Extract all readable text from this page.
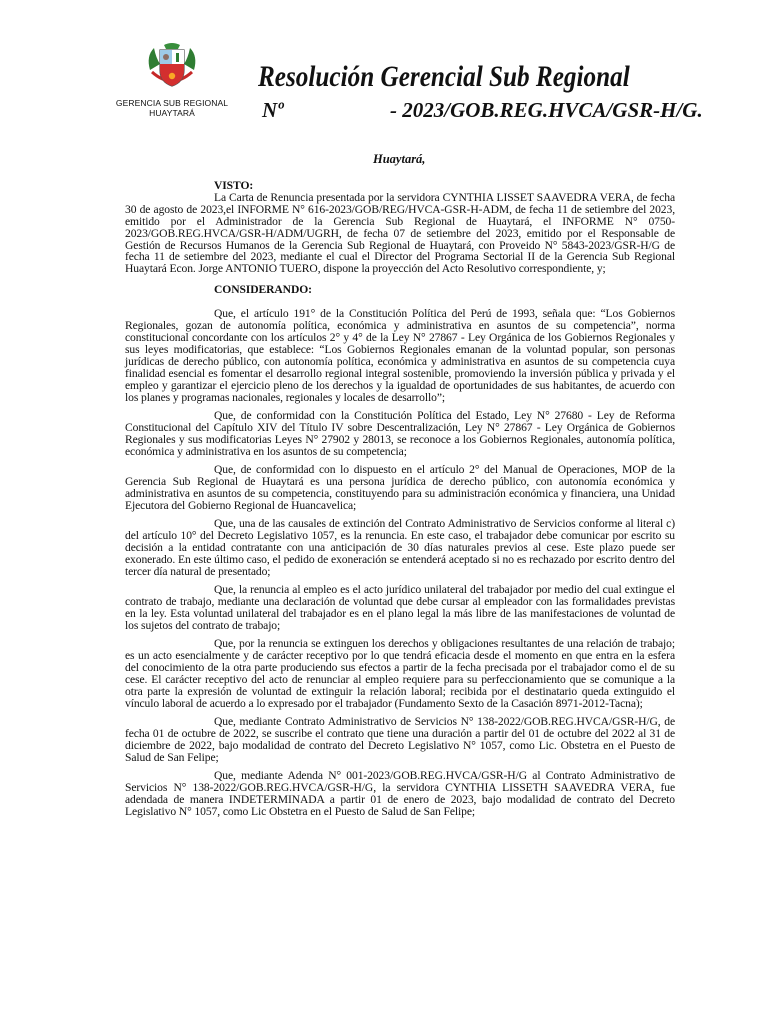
GERENCIA SUB REGIONAL
HUAYTARÁ
Resolución Gerencial Sub Regional
Nº	- 2023/GOB.REG.HVCA/GSR-H/G.
Huaytará,
VISTO:

La Carta de Renuncia presentada por la servidora CYNTHIA LISSET SAAVEDRA VERA, de fecha 30 de agosto de 2023,el INFORME N° 616-2023/GOB/REG/HVCA-GSR-H-ADM, de fecha 11 de setiembre del 2023, emitido por el Administrador de la Gerencia Sub Regional de Huaytará, el INFORME N° 0750-2023/GOB.REG.HVCA/GSR-H/ADM/UGRH, de fecha 07 de setiembre del 2023, emitido por el Responsable de Gestión de Recursos Humanos de la Gerencia Sub Regional de Huaytará, con Proveido N° 5843-2023/GSR-H/G de fecha 11 de setiembre del 2023, mediante el cual el Director del Programa Sectorial II de la Gerencia Sub Regional Huaytará Econ. Jorge ANTONIO TUERO, dispone la proyección del Acto Resolutivo correspondiente, y;

CONSIDERANDO:

Que, el artículo 191° de la Constitución Política del Perú de 1993, señala que: “Los Gobiernos Regionales, gozan de autonomía política, económica y administrativa en asuntos de su competencia”, norma constitucional concordante con los artículos 2° y 4° de la Ley N° 27867 - Ley Orgánica de los Gobiernos Regionales y sus leyes modificatorias, que establece: “Los Gobiernos Regionales emanan de la voluntad popular, son personas jurídicas de derecho público, con autonomía política, económica y administrativa en asuntos de su competencia cuya finalidad esencial es fomentar el desarrollo regional integral sostenible, promoviendo la inversión pública y privada y el empleo y garantizar el ejercicio pleno de los derechos y la igualdad de oportunidades de sus habitantes, de acuerdo con los planes y programas nacionales, regionales y locales de desarrollo”;

Que, de conformidad con la Constitución Política del Estado, Ley N° 27680 - Ley de Reforma Constitucional del Capítulo XIV del Título IV sobre Descentralización, Ley N° 27867 - Ley Orgánica de Gobiernos Regionales y sus modificatorias Leyes N° 27902 y 28013, se reconoce a los Gobiernos Regionales, autonomía política, económica y administrativa en los asuntos de su competencia;

Que, de conformidad con lo dispuesto en el artículo 2° del Manual de Operaciones, MOP de la Gerencia Sub Regional de Huaytará es una persona jurídica de derecho público, con autonomía económica y administrativa en asuntos de su competencia, constituyendo para su administración económica y financiera, una Unidad Ejecutora del Gobierno Regional de Huancavelica;

Que, una de las causales de extinción del Contrato Administrativo de Servicios conforme al literal c) del artículo 10° del Decreto Legislativo 1057, es la renuncia. En este caso, el trabajador debe comunicar por escrito su decisión a la entidad contratante con una anticipación de 30 días naturales previos al cese. Este plazo puede ser exonerado. En este último caso, el pedido de exoneración se entenderá aceptado si no es rechazado por escrito dentro del tercer día natural de presentado;

Que, la renuncia al empleo es el acto jurídico unilateral del trabajador por medio del cual extingue el contrato de trabajo, mediante una declaración de voluntad que debe cursar al empleador con las formalidades previstas en la ley. Esta voluntad unilateral del trabajador es en el plano legal la más libre de las manifestaciones de voluntad de los sujetos del contrato de trabajo;

Que, por la renuncia se extinguen los derechos y obligaciones resultantes de una relación de trabajo; es un acto esencialmente y de carácter receptivo por lo que tendrá eficacia desde el momento en que entra en la esfera del conocimiento de la otra parte produciendo sus efectos a partir de la fecha precisada por el trabajador como el de su cese. El carácter receptivo del acto de renunciar al empleo requiere para su perfeccionamiento que se comunique a la otra parte la expresión de voluntad de extinguir la relación laboral; recibida por el destinatario queda extinguido el vínculo laboral de acuerdo a lo expresado por el trabajador (Fundamento Sexto de la Casación 8971-2012-Tacna);

Que, mediante Contrato Administrativo de Servicios N° 138-2022/GOB.REG.HVCA/GSR-H/G, de fecha 01 de octubre de 2022, se suscribe el contrato que tiene una duración a partir del 01 de octubre del 2022 al 31 de diciembre de 2022, bajo modalidad de contrato del Decreto Legislativo N° 1057, como Lic. Obstetra en el Puesto de Salud de San Felipe;

Que, mediante Adenda N° 001-2023/GOB.REG.HVCA/GSR-H/G al Contrato Administrativo de Servicios N° 138-2022/GOB.REG.HVCA/GSR-H/G, la servidora CYNTHIA LISSETH SAAVEDRA VERA, fue adendada de manera INDETERMINADA a partir 01 de enero de 2023, bajo modalidad de contrato del Decreto Legislativo N° 1057, como Lic Obstetra en el Puesto de Salud de San Felipe;
